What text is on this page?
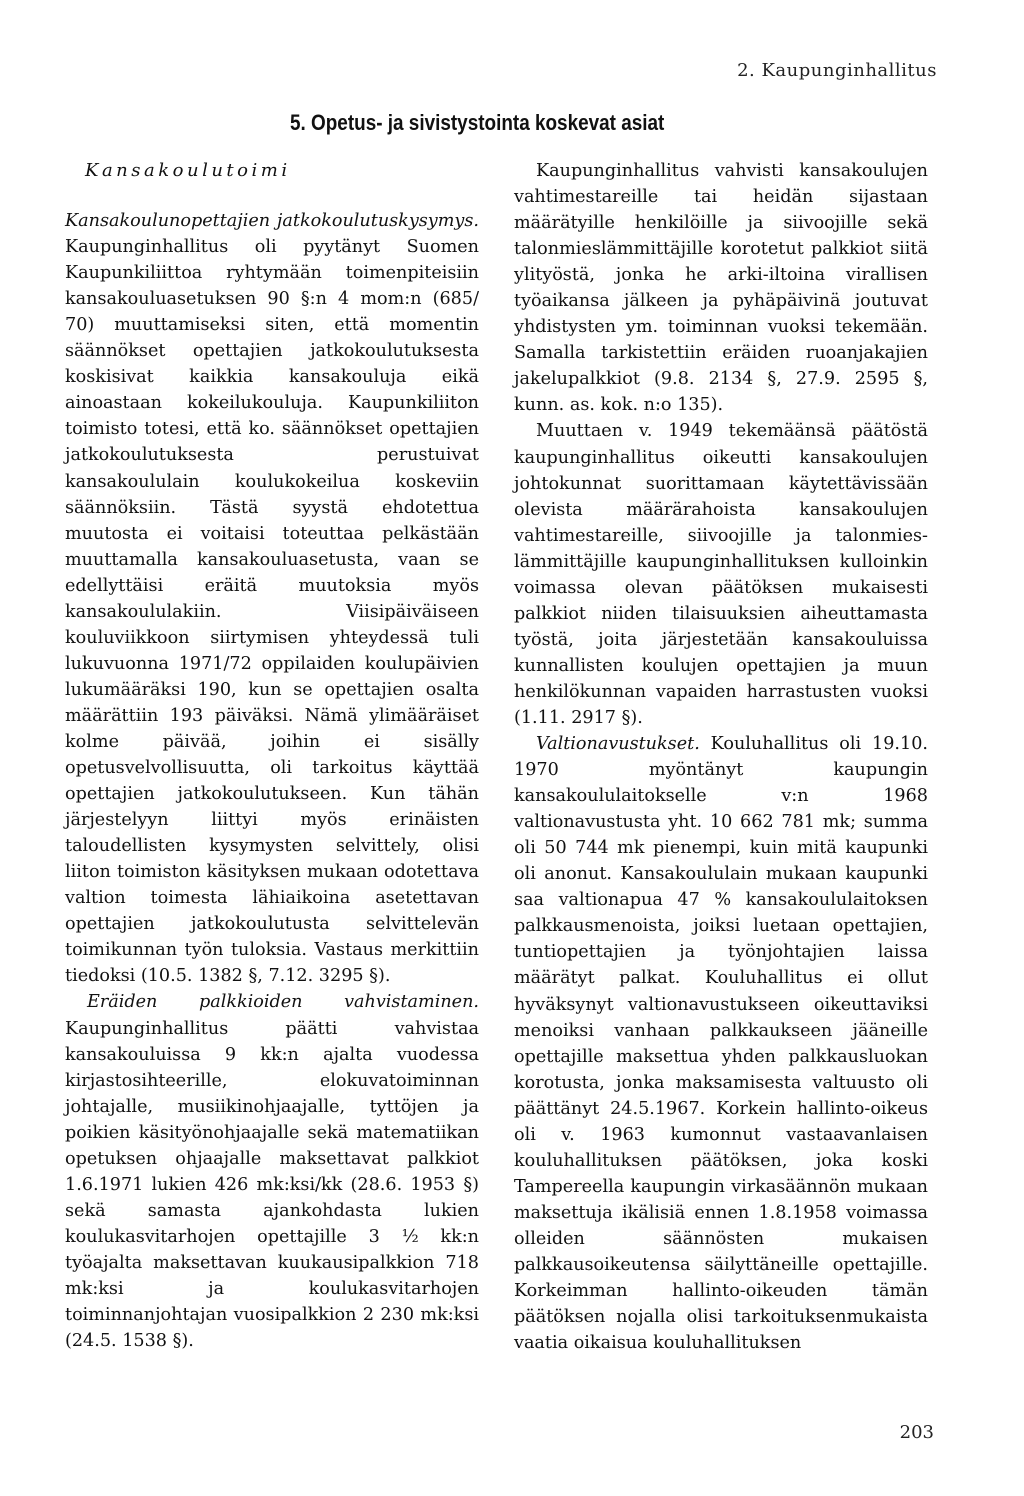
2. Kaupunginhallitus
5. Opetus- ja sivistystointa koskevat asiat

Kansakoulutoimi

Kansakoulunopettajien jatkokoulutuskysymys. Kaupunginhallitus oli pyytänyt Suomen Kaupunkiliittoa ryhtymään toimenpiteisiin kansakouluasetuksen 90 §:n 4 mom:n (685/ 70) muuttamiseksi siten, että momentin säännökset opettajien jatkokoulutuksesta koskisivat kaikkia kansakouluja eikä ainoastaan kokeilukouluja. Kaupunkiliiton toimisto totesi, että ko. säännökset opettajien jatkokoulutuksesta perustuivat kansakoululain koulukokeilua koskeviin säännöksiin. Tästä syystä ehdotettua muutosta ei voitaisi toteuttaa pelkästään muuttamalla kansakouluasetusta, vaan se edellyttäisi eräitä muutoksia myös kansakoululakiin. Viisipäiväiseen kouluviikkoon siirtymisen yhteydessä tuli lukuvuonna 1971/72 oppilaiden koulupäivien lukumääräksi 190, kun se opettajien osalta määrättiin 193 päiväksi. Nämä ylimääräiset kolme päivää, joihin ei sisälly opetusvelvollisuutta, oli tarkoitus käyttää opettajien jatkokoulutukseen. Kun tähän järjestelyyn liittyi myös erinäisten taloudellisten kysymysten selvittely, olisi liiton toimiston käsityksen mukaan odotettava valtion toimesta lähiaikoina asetettavan opettajien jatkokoulutusta selvittelevän toimikunnan työn tuloksia. Vastaus merkittiin tiedoksi (10.5. 1382 §, 7.12. 3295 §).

Eräiden palkkioiden vahvistaminen. Kaupunginhallitus päätti vahvistaa kansakouluissa 9 kk:n ajalta vuodessa kirjastosihteerille, elokuvatoiminnan johtajalle, musiikinohjaajalle, tyttöjen ja poikien käsityönohjaajalle sekä matematiikan opetuksen ohjaajalle maksettavat palkkiot 1.6.1971 lukien 426 mk:ksi/kk (28.6. 1953 §) sekä samasta ajankohdasta lukien koulukasvitarhojen opettajille 3 ½ kk:n työajalta maksettavan kuukausipalkkion 718 mk:ksi ja koulukasvitarhojen toiminnanjohtajan vuosipalkkion 2 230 mk:ksi (24.5. 1538 §).

Kaupunginhallitus vahvisti kansakoulujen vahtimestareille tai heidän sijastaan määrätyille henkilöille ja siivoojille sekä talonmieslämmittäjille korotetut palkkiot siitä ylityöstä, jonka he arki-iltoina virallisen työaikansa jälkeen ja pyhäpäivinä joutuvat yhdistysten ym. toiminnan vuoksi tekemään. Samalla tarkistettiin eräiden ruoanjakajien jakelupalkkiot (9.8. 2134 §, 27.9. 2595 §, kunn. as. kok. n:o 135).

Muuttaen v. 1949 tekemäänsä päätöstä kaupunginhallitus oikeutti kansakoulujen johtokunnat suorittamaan käytettävissään olevista määrärahoista kansakoulujen vahtimestareille, siivoojille ja talonmies-lämmittäjille kaupunginhallituksen kulloinkin voimassa olevan päätöksen mukaisesti palkkiot niiden tilaisuuksien aiheuttamasta työstä, joita järjestetään kansakouluissa kunnallisten koulujen opettajien ja muun henkilökunnan vapaiden harrastusten vuoksi (1.11. 2917 §).

Valtionavustukset. Kouluhallitus oli 19.10. 1970 myöntänyt kaupungin kansakoululaitokselle v:n 1968 valtionavustusta yht. 10 662 781 mk; summa oli 50 744 mk pienempi, kuin mitä kaupunki oli anonut. Kansakoululain mukaan kaupunki saa valtionapua 47 % kansakoululaitoksen palkkausmenoista, joiksi luetaan opettajien, tuntiopettajien ja työnjohtajien laissa määrätyt palkat. Kouluhallitus ei ollut hyväksynyt valtionavustukseen oikeuttaviksi menoiksi vanhaan palkkaukseen jääneille opettajille maksettua yhden palkkausluokan korotusta, jonka maksamisesta valtuusto oli päättänyt 24.5.1967. Korkein hallinto-oikeus oli v. 1963 kumonnut vastaavanlaisen kouluhallituksen päätöksen, joka koski Tampereella kaupungin virkasäännön mukaan maksettuja ikälisiä ennen 1.8.1958 voimassa olleiden säännösten mukaisen palkkausoikeutensa säilyttäneille opettajille. Korkeimman hallinto-oikeuden tämän päätöksen nojalla olisi tarkoituksenmukaista vaatia oikaisua kouluhallituksen

203
